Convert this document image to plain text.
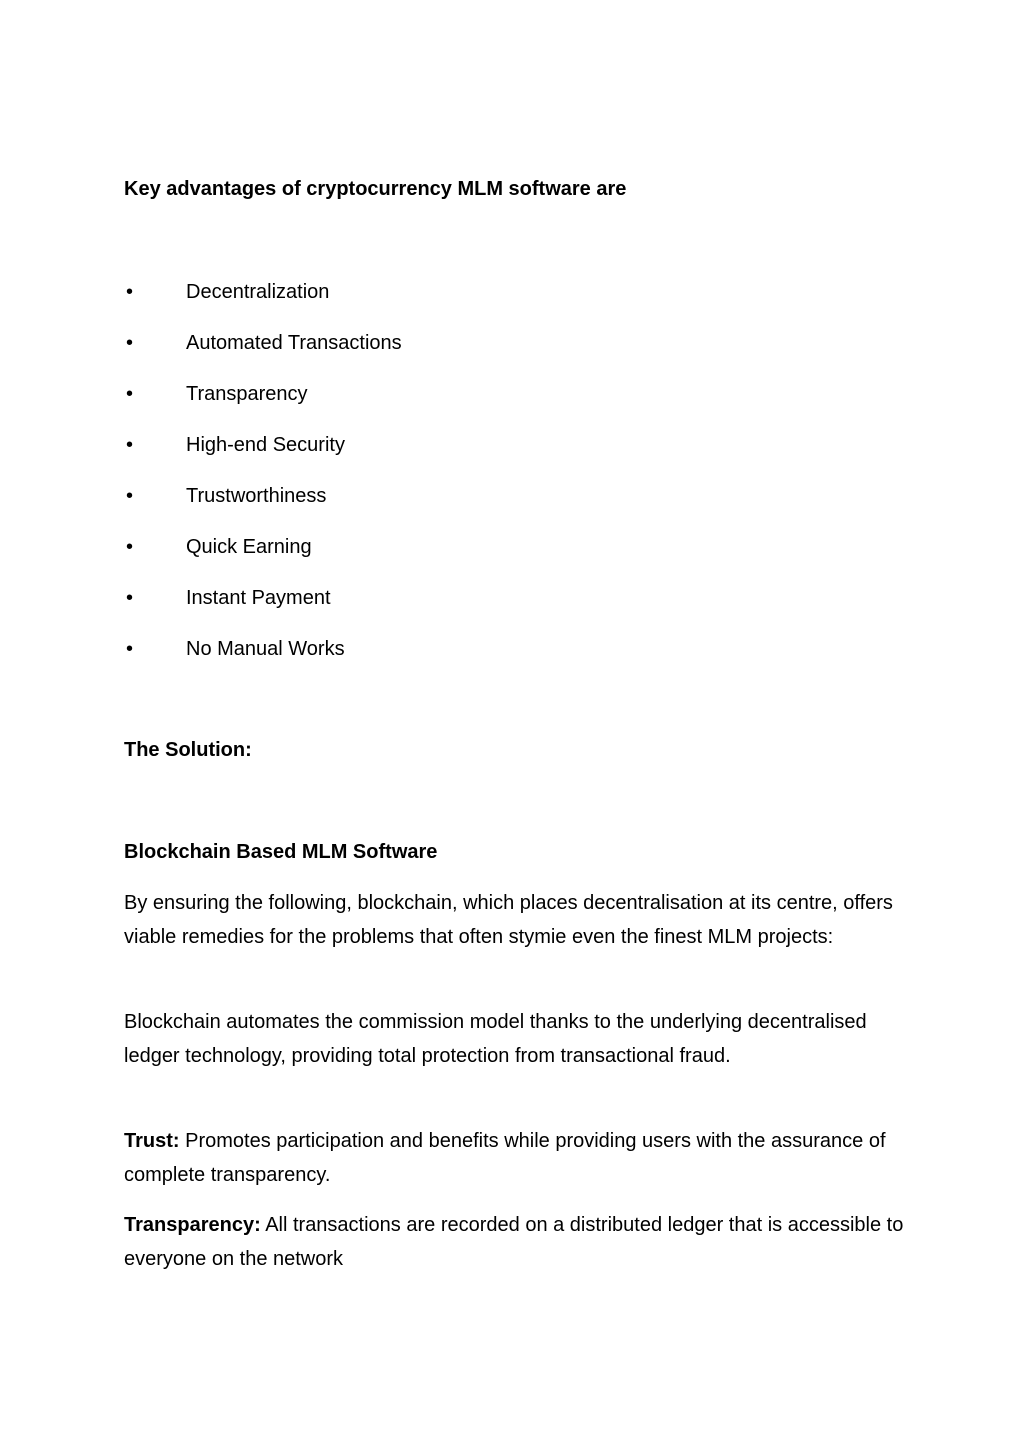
Key advantages of cryptocurrency MLM software are

•	Decentralization
•	Automated Transactions
•	Transparency
•	High-end Security
•	Trustworthiness
•	Quick Earning
•	Instant Payment
•	No Manual Works

The Solution:

Blockchain Based MLM Software

By ensuring the following, blockchain, which places decentralisation at its centre, offers viable remedies for the problems that often stymie even the finest MLM projects:

Blockchain automates the commission model thanks to the underlying decentralised ledger technology, providing total protection from transactional fraud.

Trust: Promotes participation and benefits while providing users with the assurance of complete transparency.

Transparency: All transactions are recorded on a distributed ledger that is accessible to everyone on the network
